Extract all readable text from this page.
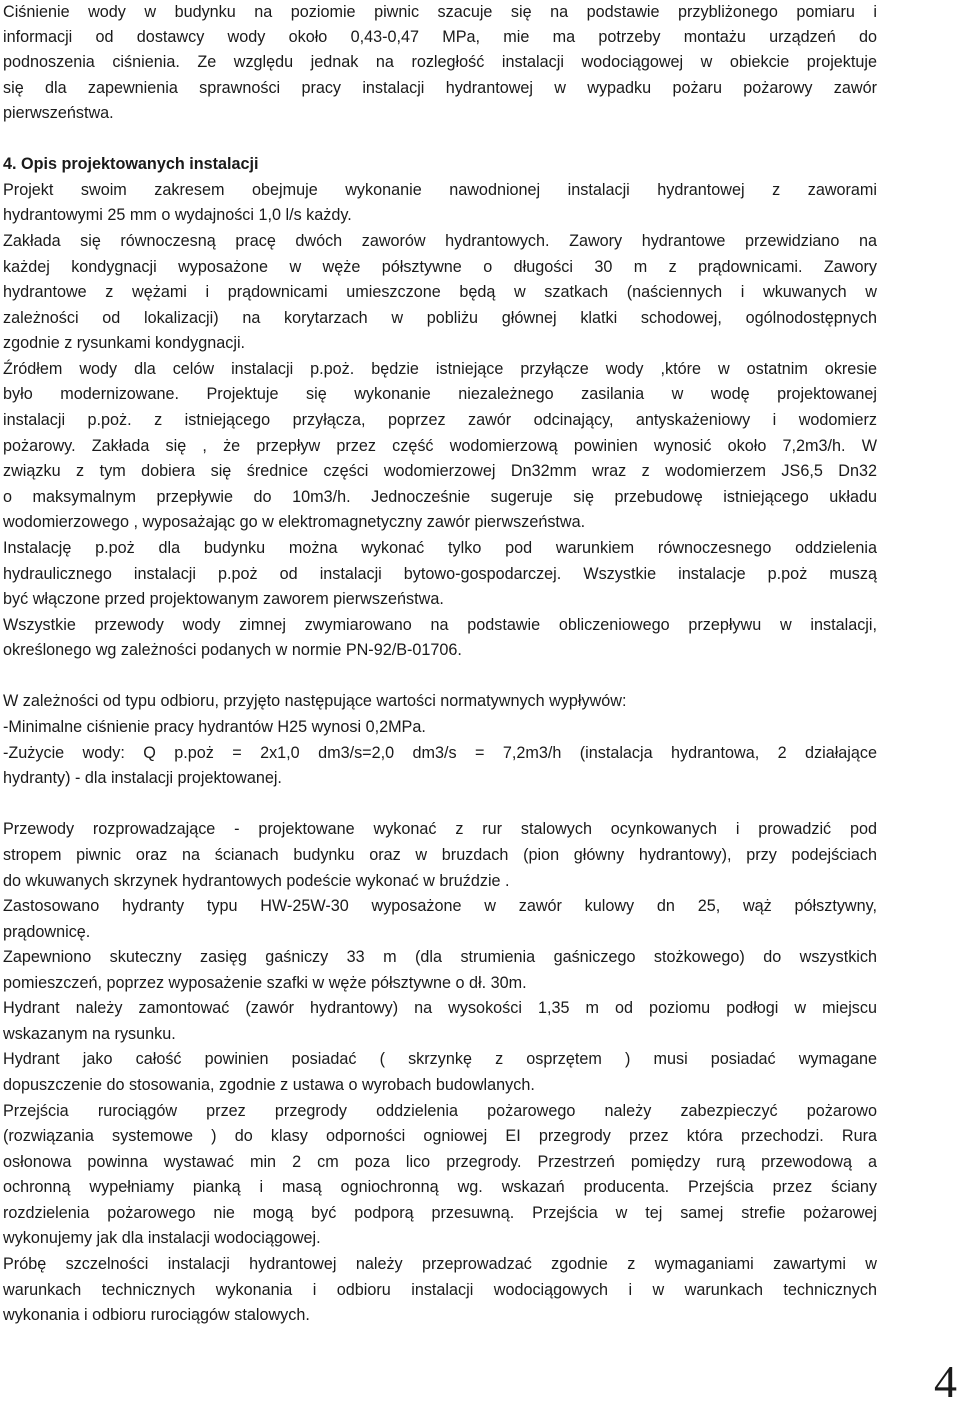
Ciśnienie wody w budynku na poziomie piwnic szacuje się na podstawie przybliżonego pomiaru i
informacji od dostawcy wody około 0,43-0,47 MPa, mie ma potrzeby montażu urządzeń do
podnoszenia ciśnienia. Ze względu jednak na rozległość instalacji wodociągowej w obiekcie projektuje
się dla zapewnienia sprawności pracy instalacji hydrantowej w wypadku pożaru pożarowy zawór
pierwszeństwa.
4. Opis projektowanych instalacji
Projekt swoim zakresem obejmuje wykonanie nawodnionej instalacji hydrantowej z zaworami
hydrantowymi 25 mm o wydajności 1,0 l/s każdy.
Zakłada się równoczesną pracę dwóch zaworów hydrantowych. Zawory hydrantowe przewidziano na
każdej kondygnacji wyposażone w węże półsztywne o długości 30 m z prądownicami. Zawory
hydrantowe z wężami i prądownicami umieszczone będą w szatkach (naściennych i wkuwanych w
zależności od lokalizacji) na korytarzach w pobliżu głównej klatki schodowej, ogólnodostępnych
zgodnie z rysunkami kondygnacji.
Źródłem wody dla celów instalacji p.poż. będzie istniejące przyłącze wody ,które w ostatnim okresie
było modernizowane. Projektuje się wykonanie niezależnego zasilania w wodę projektowanej
instalacji p.poż. z istniejącego przyłącza, poprzez zawór odcinający, antyskażeniowy i wodomierz
pożarowy. Zakłada się , że przepływ przez część wodomierzową powinien wynosić około 7,2m3/h. W
związku z tym dobiera się średnice części wodomierzowej Dn32mm wraz z wodomierzem JS6,5 Dn32
o maksymalnym przepływie do 10m3/h. Jednocześnie sugeruje się przebudowę istniejącego układu
wodomierzowego , wyposażając go w elektromagnetyczny zawór pierwszeństwa.
Instalację p.poż dla budynku można wykonać tylko pod warunkiem równoczesnego oddzielenia
hydraulicznego instalacji p.poż od instalacji bytowo-gospodarczej. Wszystkie instalacje p.poż muszą
być włączone przed projektowanym zaworem pierwszeństwa.
Wszystkie przewody wody zimnej zwymiarowano na podstawie obliczeniowego przepływu w instalacji,
określonego wg zależności podanych w normie PN-92/B-01706.
W zależności od typu odbioru, przyjęto następujące wartości normatywnych wypływów:
-Minimalne ciśnienie pracy hydrantów H25 wynosi 0,2MPa.
-Zużycie wody: Q p.poż = 2x1,0 dm3/s=2,0 dm3/s = 7,2m3/h (instalacja hydrantowa, 2 działające
hydranty) - dla instalacji projektowanej.
Przewody rozprowadzające - projektowane wykonać z rur stalowych ocynkowanych i prowadzić pod
stropem piwnic oraz na ścianach budynku oraz w bruzdach (pion główny hydrantowy), przy podejściach
do wkuwanych skrzynek hydrantowych podeście wykonać w bruździe .
Zastosowano hydranty typu HW-25W-30 wyposażone w zawór kulowy dn 25, wąż półsztywny,
prądownicę.
Zapewniono skuteczny zasięg gaśniczy 33 m (dla strumienia gaśniczego stożkowego) do wszystkich
pomieszczeń, poprzez wyposażenie szafki w węże półsztywne o dł. 30m.
Hydrant należy zamontować (zawór hydrantowy) na wysokości 1,35 m od poziomu podłogi w miejscu
wskazanym na rysunku.
Hydrant jako całość powinien posiadać ( skrzynkę z osprzętem ) musi posiadać wymagane
dopuszczenie do stosowania, zgodnie z ustawa o wyrobach budowlanych.
Przejścia rurociągów przez przegrody oddzielenia pożarowego należy zabezpieczyć pożarowo
(rozwiązania systemowe ) do klasy odporności ogniowej EI przegrody przez która przechodzi. Rura
osłonowa powinna wystawać min 2 cm poza lico przegrody. Przestrzeń pomiędzy rurą przewodową a
ochronną wypełniamy pianką i masą ogniochronną wg. wskazań producenta. Przejścia przez ściany
rozdzielenia pożarowego nie mogą być podporą przesuwną. Przejścia w tej samej strefie pożarowej
wykonujemy jak dla instalacji wodociągowej.
Próbę szczelności instalacji hydrantowej należy przeprowadzać zgodnie z wymaganiami zawartymi w
warunkach technicznych wykonania i odbioru instalacji wodociągowych i w warunkach technicznych
wykonania i odbioru rurociągów stalowych.
4
